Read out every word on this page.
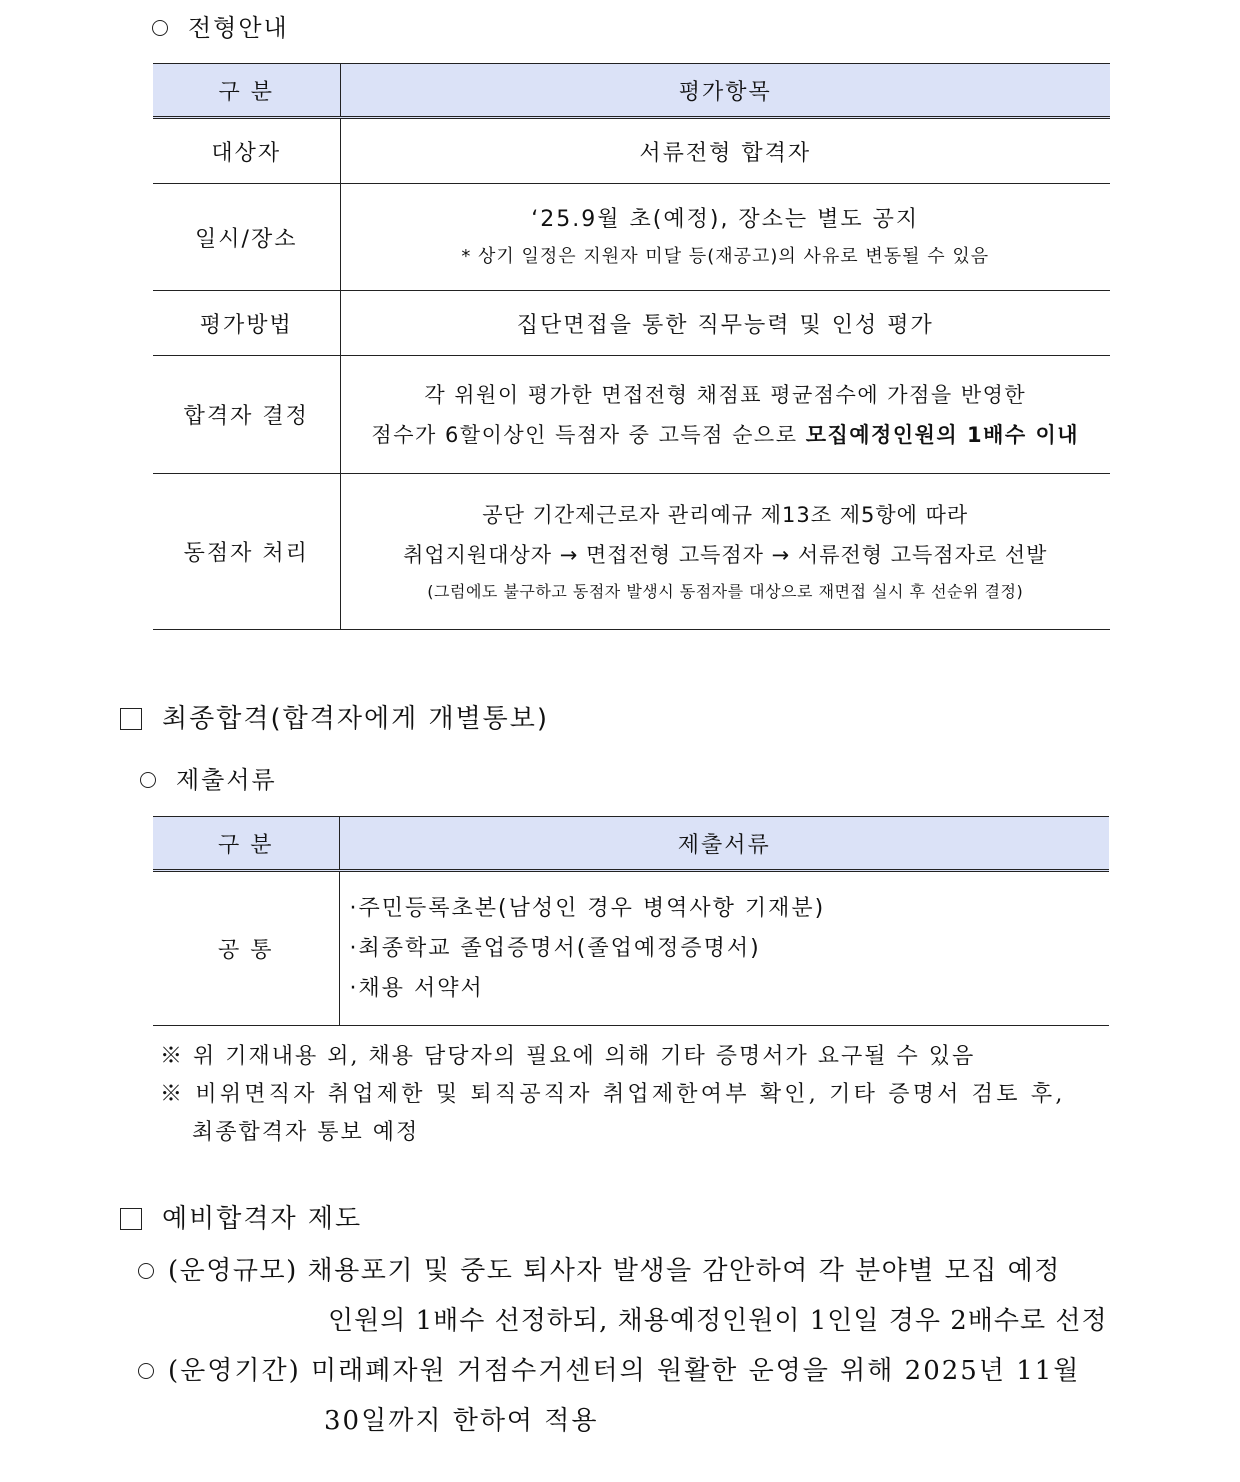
전형안내
구 분	평가항목
대상자	서류전형 합격자
일시/장소	‘25.9월 초(예정), 장소는 별도 공지
* 상기 일정은 지원자 미달 등(재공고)의 사유로 변동될 수 있음

평가방법	집단면접을 통한 직무능력 및 인성 평가
합격자 결정	각 위원이 평가한 면접전형 채점표 평균점수에 가점을 반영한
점수가 6할이상인 득점자 중 고득점 순으로 모집예정인원의 1배수 이내

동점자 처리	공단 기간제근로자 관리예규 제13조 제5항에 따라
취업지원대상자 → 면접전형 고득점자 → 서류전형 고득점자로 선발
(그럼에도 불구하고 동점자 발생시 동점자를 대상으로 재면접 실시 후 선순위 결정)
최종합격(합격자에게 개별통보)
제출서류
구 분	제출서류
공 통	·주민등록초본(남성인 경우 병역사항 기재분)
·최종학교 졸업증명서(졸업예정증명서)
·채용 서약서
※ 위 기재내용 외, 채용 담당자의 필요에 의해 기타 증명서가 요구될 수 있음
※ 비위면직자 취업제한 및 퇴직공직자 취업제한여부 확인, 기타 증명서 검토 후,
최종합격자 통보 예정
예비합격자 제도
(운영규모) 채용포기 및 중도 퇴사자 발생을 감안하여 각 분야별 모집 예정
인원의 1배수 선정하되, 채용예정인원이 1인일 경우 2배수로 선정
(운영기간) 미래폐자원 거점수거센터의 원활한 운영을 위해 2025년 11월
30일까지 한하여 적용
